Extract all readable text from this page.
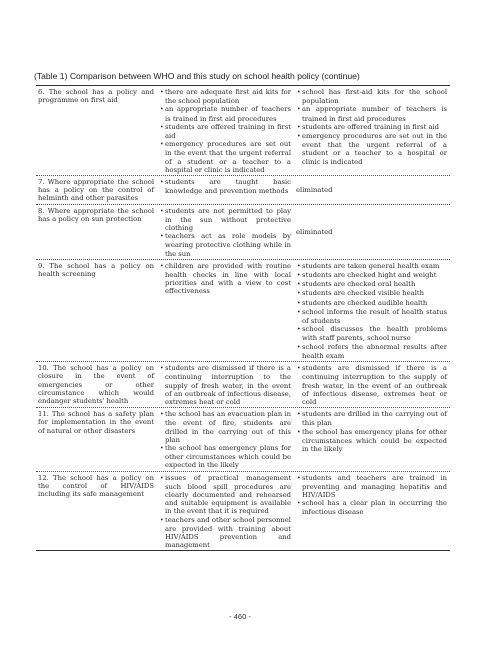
(Table 1) Comparison between WHO and this study on school health policy (continue)
6. The school has a policy and programme on first aid
• there are adequate first aid kits for the school population
• an appropriate number of teachers is trained in first aid procedures
• students are offered training in first aid
• emergency procedures are set out in the event that the urgent referral of a student or a teacher to a hospital or clinic is indicated
• school has first-aid kits for the school population
• an appropriate number of teachers is trained in first aid procedures
• students are offered training in first aid
• emergency procedures are set out in the event that the urgent referral of a student or a teacher to a hospital or clinic is indicated
7. Where appropriate the school has a policy on the control of helminth and other parasites
• students are taught basic knowledge and prevention methods	eliminated
8. Where appropriate the school has a policy on sun protection
• students are not permitted to play in the sun without protective clothing
• teachers act as role models by wearing protective clothing while in the sun
eliminated
9. The school has a policy on health screening
• children are provided with routine health checks in line with local priorities and with a view to cost effectiveness
• students are taken general health exam
• students are checked hight and weight
• students are checked oral health
• students are checked visible health
• students are checked audible health
• school informs the result of health status of students
• school discusses the health problems with staff parents, school nurse
• school refers the abnormal results after health exam
10. The school has a policy on closure in the event of emergencies or other circumstance which would endanger students' health
• students are dismissed if there is a continuing interruption to the supply of fresh water, in the event of an outbreak of infectious disease, extremes heat or cold
• students are dismissed if there is a continuing interruption to the supply of fresh water, in the event of an outbreak of infectious disease, extremes heat or cold
11. The school has a safety plan for implementation in the event of natural or other disasters
• the school has an evacuation plan in the event of fire, students are drilled in the carrying out of this plan
• the school has emergency plans for other circumstances which could be expected in the likely
• students are drilled in the carrying out of this plan
• the school has emergency plans for other circumstances which could be expected in the likely
12. The school has a policy on the control of HIV/AIDS including its safe management
• issues of practical management such blood spill procedures are clearly documented and rehearsed and suitable equipment is available in the event that it is required
• teachers and other school personnel are provided with training about HIV/AIDS prevention and management
• students and teachers are trained in preventing and managing hepatitis and HIV/AIDS
• school has a clear plan in occurring the infectious disease
- 460 -
